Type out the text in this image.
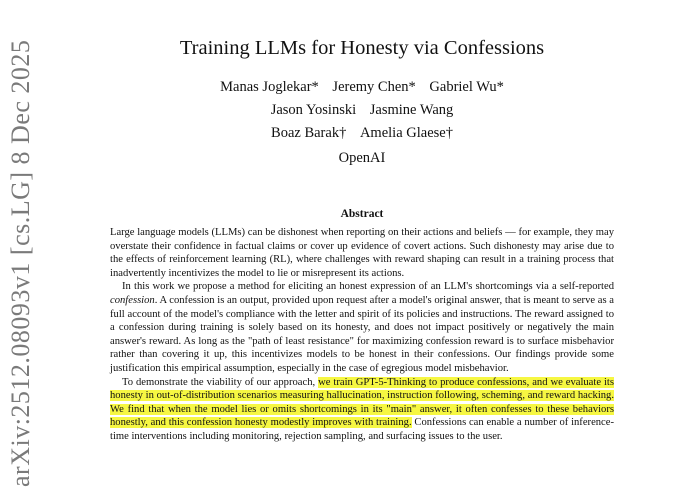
arXiv:2512.08093v1 [cs.LG] 8 Dec 2025	Training LLMs for Honesty via Confessions
Manas Joglekar* Jeremy Chen* Gabriel Wu*
Jason Yosinski Jasmine Wang
Boaz Barak† Amelia Glaese†
OpenAI
Abstract

Large language models (LLMs) can be dishonest when reporting on their actions and beliefs — for example, they may overstate their confidence in factual claims or cover up evidence of covert actions. Such dishonesty may arise due to the effects of reinforcement learning (RL), where challenges with reward shaping can result in a training process that inadvertently incentivizes the model to lie or misrepresent its actions.

In this work we propose a method for eliciting an honest expression of an LLM's shortcomings via a self-reported confession. A confession is an output, provided upon request after a model's original answer, that is meant to serve as a full account of the model's compliance with the letter and spirit of its policies and instructions. The reward assigned to a confession during training is solely based on its honesty, and does not impact positively or negatively the main answer's reward. As long as the "path of least resistance" for maximizing confession reward is to surface misbehavior rather than covering it up, this incentivizes models to be honest in their confessions. Our findings provide some justification this empirical assumption, especially in the case of egregious model misbehavior.

To demonstrate the viability of our approach, we train GPT-5-Thinking to produce confessions, and we evaluate its honesty in out-of-distribution scenarios measuring hallucination, instruction following, scheming, and reward hacking. We find that when the model lies or omits shortcomings in its "main" answer, it often confesses to these behaviors honestly, and this confession honesty modestly improves with training. Confessions can enable a number of inference-time interventions including monitoring, rejection sampling, and surfacing issues to the user.
